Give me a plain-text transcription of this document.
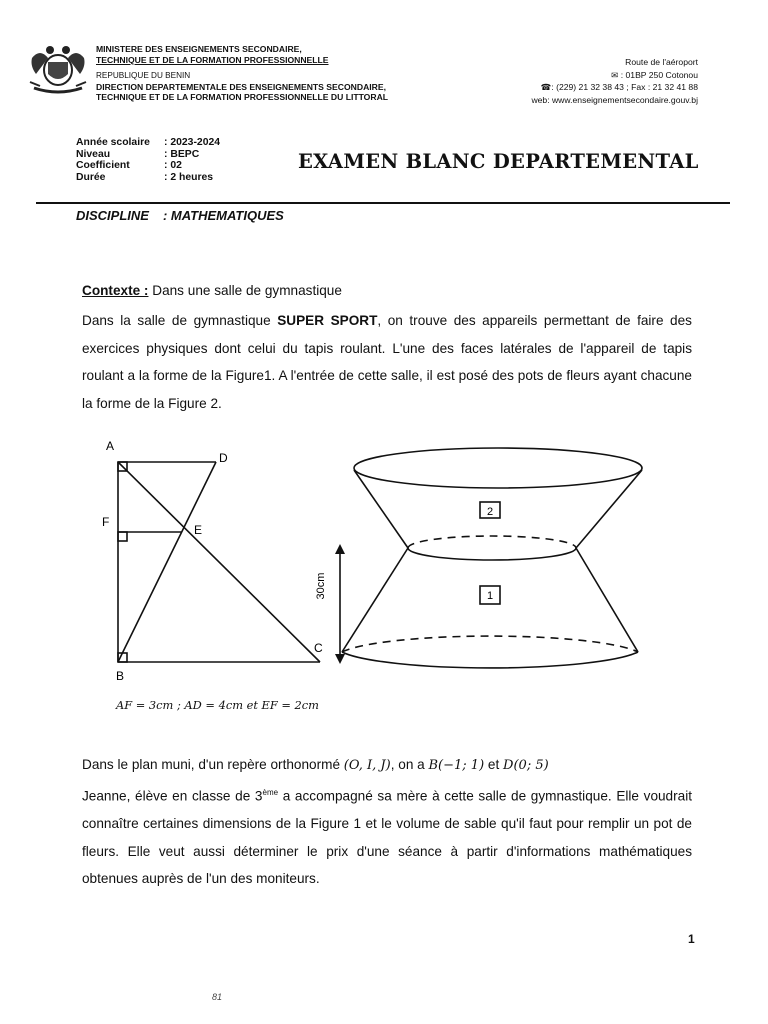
MINISTERE DES ENSEIGNEMENTS SECONDAIRE,
TECHNIQUE ET DE LA FORMATION PROFESSIONNELLE
REPUBLIQUE DU BENIN
DIRECTION DEPARTEMENTALE DES ENSEIGNEMENTS SECONDAIRE,
TECHNIQUE ET DE LA FORMATION PROFESSIONNELLE DU LITTORAL
Route de l'aéroport
✉ : 01BP 250 Cotonou
☎: (229) 21 32 38 43 ; Fax : 21 32 41 88
web: www.enseignementsecondaire.gouv.bj
Année scolaire	: 2023-2024
Niveau	: BEPC
Coefficient	: 02
Durée	: 2 heures
EXAMEN BLANC DEPARTEMENTAL
DISCIPLINE : MATHEMATIQUES
Contexte : Dans une salle de gymnastique
Dans la salle de gymnastique SUPER SPORT, on trouve des appareils permettant de faire des exercices physiques dont celui du tapis roulant. L'une des faces latérales de l'appareil de tapis roulant a la forme de la Figure1. A l'entrée de cette salle, il est posé des pots de fleurs ayant chacune la forme de la Figure 2.
A
D
F
E
B
C
AF = 3cm ; AD = 4cm et EF = 2cm
2
1
30cm
Dans le plan muni, d'un repère orthonormé (O, I, J), on a B(−1; 1) et D(0; 5)
Jeanne, élève en classe de 3ème a accompagné sa mère à cette salle de gymnastique. Elle voudrait connaître certaines dimensions de la Figure 1 et le volume de sable qu'il faut pour remplir un pot de fleurs. Elle veut aussi déterminer le prix d'une séance à partir d'informations mathématiques obtenues auprès de l'un des moniteurs.
1
81
